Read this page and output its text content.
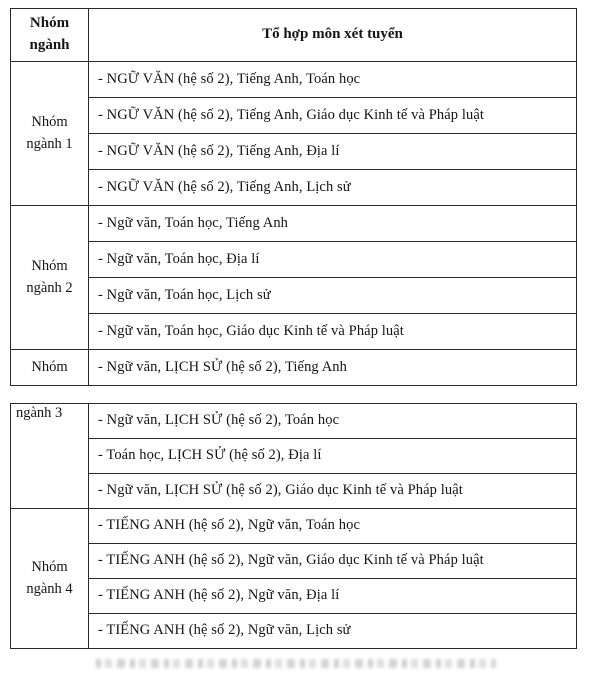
Nhóm ngành	Tổ hợp môn xét tuyển
Nhóm ngành 1	- NGỮ VĂN (hệ số 2), Tiếng Anh, Toán học
	- NGỮ VĂN (hệ số 2), Tiếng Anh, Giáo dục Kinh tế và Pháp luật
	- NGỮ VĂN (hệ số 2), Tiếng Anh, Địa lí
	- NGỮ VĂN (hệ số 2), Tiếng Anh, Lịch sử
Nhóm ngành 2	- Ngữ văn, Toán học, Tiếng Anh
	- Ngữ văn, Toán học, Địa lí
	- Ngữ văn, Toán học, Lịch sử
	- Ngữ văn, Toán học, Giáo dục Kinh tế và Pháp luật
Nhóm	- Ngữ văn, LỊCH SỬ (hệ số 2), Tiếng Anh
ngành 3	- Ngữ văn, LỊCH SỬ (hệ số 2), Toán học
	- Toán học, LỊCH SỬ (hệ số 2), Địa lí
	- Ngữ văn, LỊCH SỬ (hệ số 2), Giáo dục Kinh tế và Pháp luật
Nhóm ngành 4	- TIẾNG ANH (hệ số 2), Ngữ văn, Toán học
	- TIẾNG ANH (hệ số 2), Ngữ văn, Giáo dục Kinh tế và Pháp luật
	- TIẾNG ANH (hệ số 2), Ngữ văn, Địa lí
	- TIẾNG ANH (hệ số 2), Ngữ văn, Lịch sử
